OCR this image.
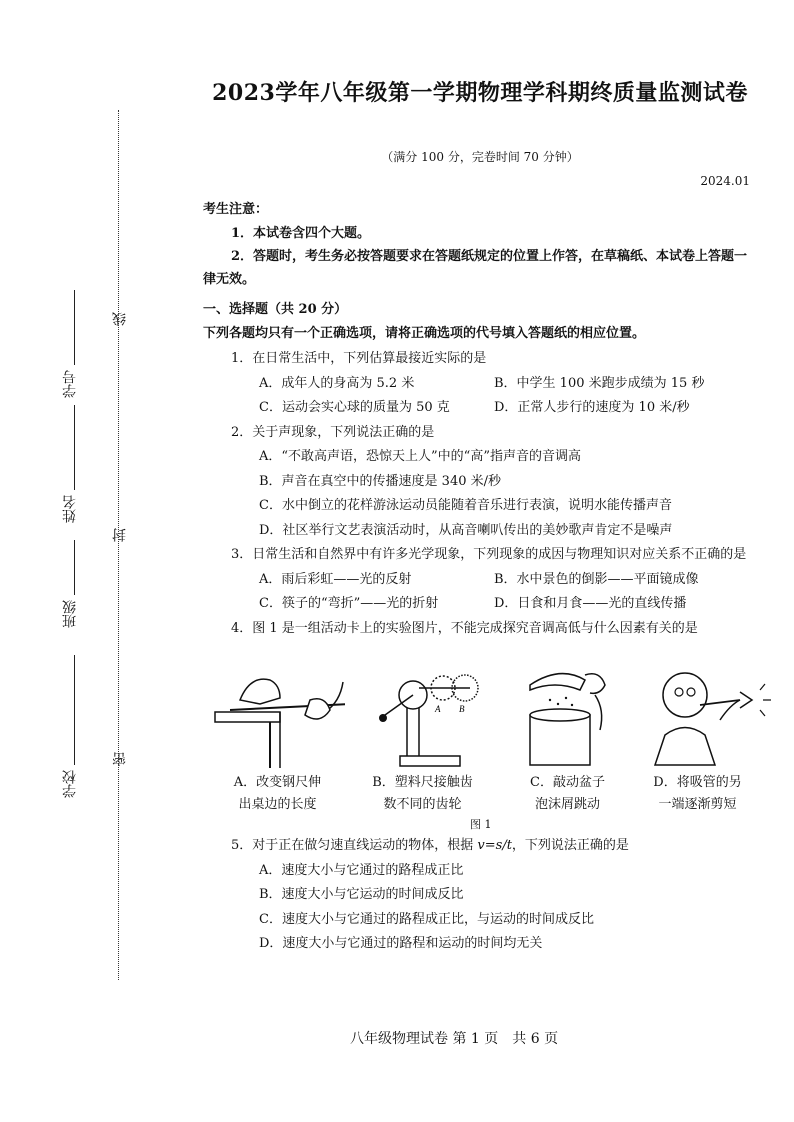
学号
姓名
班级
学校
线
封
密
2023学年八年级第一学期物理学科期终质量监测试卷
（满分 100 分，完卷时间 70 分钟）
2024.01
考生注意：

1．本试卷含四个大题。

2．答题时，考生务必按答题要求在答题纸规定的位置上作答，在草稿纸、本试卷上答题一律无效。

一、选择题（共 20 分）
下列各题均只有一个正确选项，请将正确选项的代号填入答题纸的相应位置。
1．在日常生活中，下列估算最接近实际的是
A．成年人的身高为 5.2 米	B．中学生 100 米跑步成绩为 15 秒
C．运动会实心球的质量为 50 克	D．正常人步行的速度为 10 米/秒
2．关于声现象，下列说法正确的是
A．“不敢高声语，恐惊天上人”中的“高”指声音的音调高
B．声音在真空中的传播速度是 340 米/秒
C．水中倒立的花样游泳运动员能随着音乐进行表演，说明水能传播声音
D．社区举行文艺表演活动时，从高音喇叭传出的美妙歌声肯定不是噪声
3．日常生活和自然界中有许多光学现象，下列现象的成因与物理知识对应关系不正确的是
A．雨后彩虹——光的反射	B．水中景色的倒影——平面镜成像
C．筷子的“弯折”——光的折射	D．日食和月食——光的直线传播
4．图 1 是一组活动卡上的实验图片，不能完成探究音调高低与什么因素有关的是
A B
A．改变钢尺伸
出桌边的长度
B．塑料尺接触齿
数不同的齿轮
C．敲动盆子
泡沫屑跳动
D．将吸管的另
一端逐渐剪短
图 1
5．对于正在做匀速直线运动的物体，根据 v=s/t，下列说法正确的是
A．速度大小与它通过的路程成正比
B．速度大小与它运动的时间成反比
C．速度大小与它通过的路程成正比，与运动的时间成反比
D．速度大小与它通过的路程和运动的时间均无关
八年级物理试卷 第 1 页　共 6 页
